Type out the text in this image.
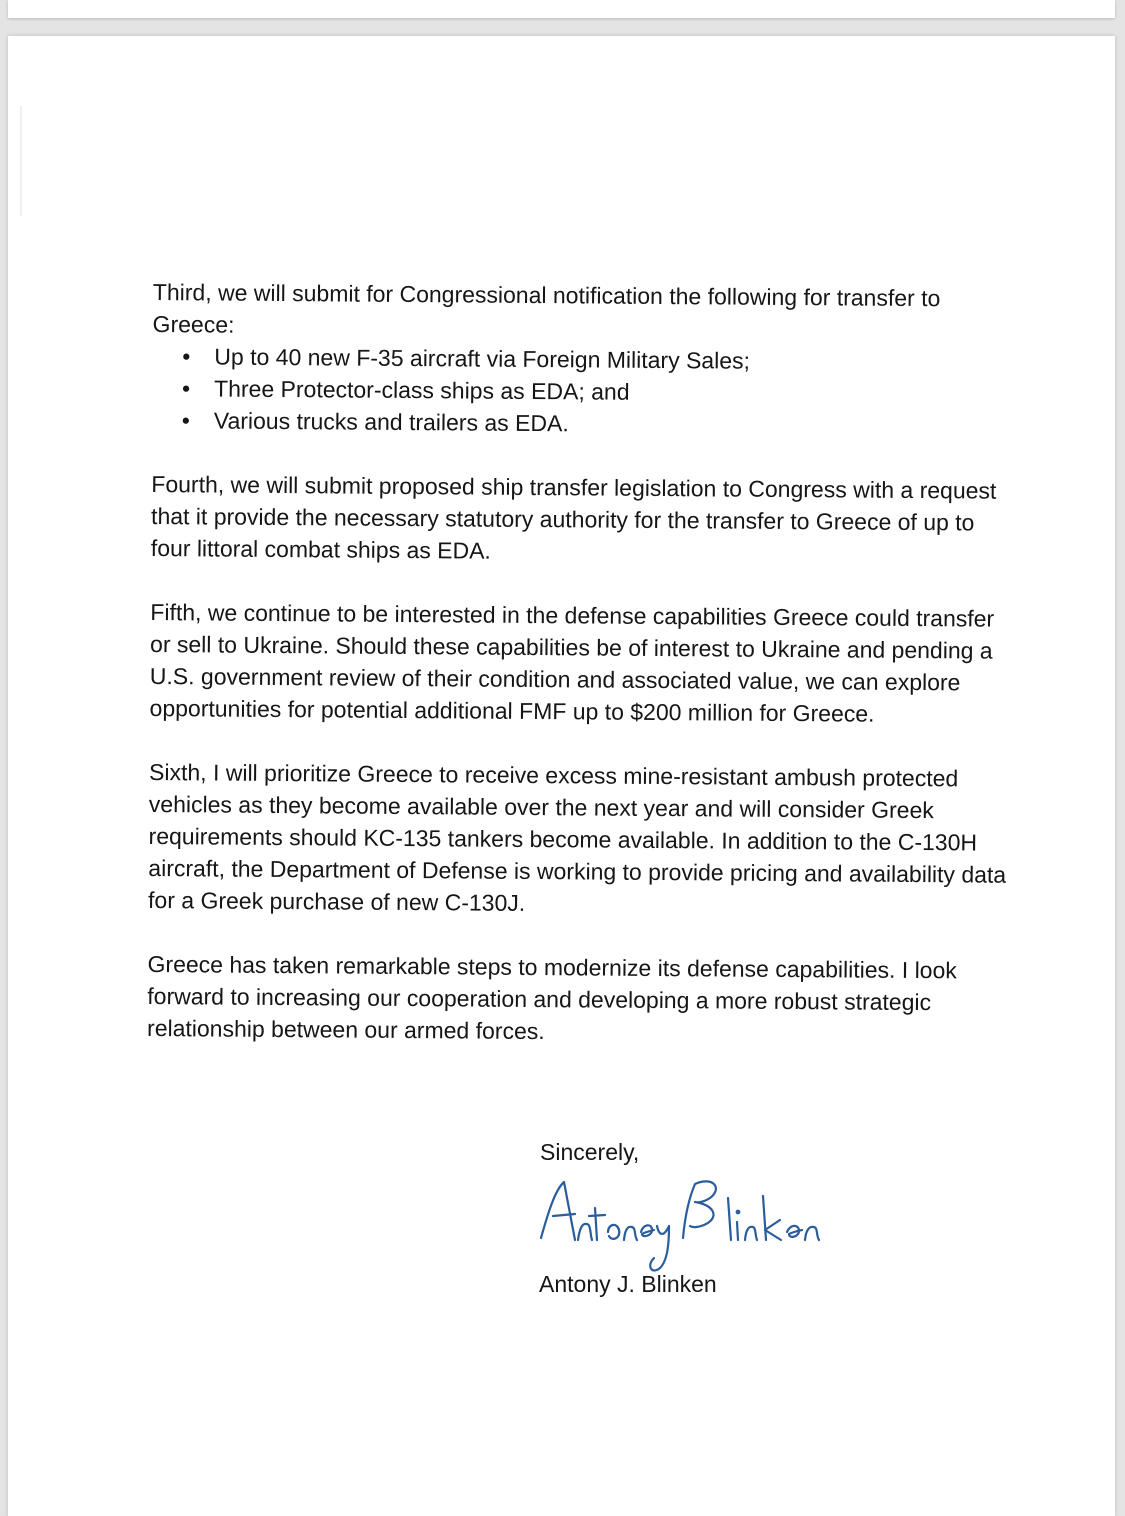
Third, we will submit for Congressional notification the following for transfer to Greece:
• Up to 40 new F-35 aircraft via Foreign Military Sales;
• Three Protector-class ships as EDA; and
• Various trucks and trailers as EDA.

Fourth, we will submit proposed ship transfer legislation to Congress with a request that it provide the necessary statutory authority for the transfer to Greece of up to four littoral combat ships as EDA.

Fifth, we continue to be interested in the defense capabilities Greece could transfer or sell to Ukraine. Should these capabilities be of interest to Ukraine and pending a U.S. government review of their condition and associated value, we can explore opportunities for potential additional FMF up to $200 million for Greece.

Sixth, I will prioritize Greece to receive excess mine-resistant ambush protected vehicles as they become available over the next year and will consider Greek requirements should KC-135 tankers become available. In addition to the C-130H aircraft, the Department of Defense is working to provide pricing and availability data for a Greek purchase of new C-130J.

Greece has taken remarkable steps to modernize its defense capabilities. I look forward to increasing our cooperation and developing a more robust strategic relationship between our armed forces.

Sincerely,
Antony J. Blinken
